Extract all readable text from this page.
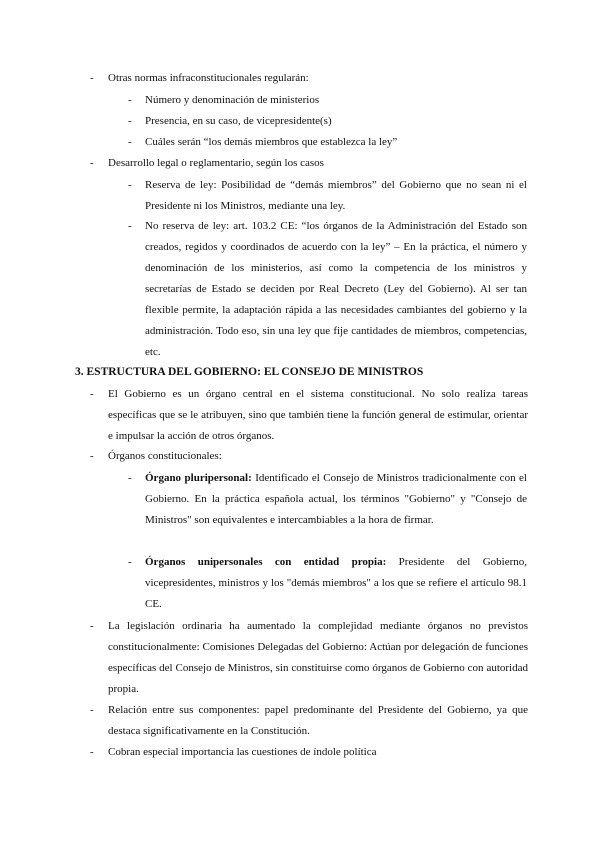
- Otras normas infraconstitucionales regularán:
- Número y denominación de ministerios
- Presencia, en su caso, de vicepresidente(s)
- Cuáles serán “los demás miembros que establezca la ley”
- Desarrollo legal o reglamentario, según los casos
- Reserva de ley: Posibilidad de “demás miembros” del Gobierno que no sean ni el Presidente ni los Ministros, mediante una ley.
- No reserva de ley: art. 103.2 CE: “los órganos de la Administración del Estado son creados, regidos y coordinados de acuerdo con la ley” – En la práctica, el número y denominación de los ministerios, así como la competencia de los ministros y secretarías de Estado se deciden por Real Decreto (Ley del Gobierno). Al ser tan flexible permite, la adaptación rápida a las necesidades cambiantes del gobierno y la administración. Todo eso, sin una ley que fije cantidades de miembros, competencias, etc.
3. ESTRUCTURA DEL GOBIERNO: EL CONSEJO DE MINISTROS
- El Gobierno es un órgano central en el sistema constitucional. No solo realiza tareas específicas que se le atribuyen, sino que también tiene la función general de estimular, orientar e impulsar la acción de otros órganos.
- Órganos constitucionales:
- Órgano pluripersonal: Identificado el Consejo de Ministros tradicionalmente con el Gobierno. En la práctica española actual, los términos "Gobierno" y "Consejo de Ministros" son equivalentes e intercambiables a la hora de firmar.
- Órganos unipersonales con entidad propia: Presidente del Gobierno, vicepresidentes, ministros y los "demás miembros" a los que se refiere el artículo 98.1 CE.
- La legislación ordinaria ha aumentado la complejidad mediante órganos no previstos constitucionalmente: Comisiones Delegadas del Gobierno: Actúan por delegación de funciones específicas del Consejo de Ministros, sin constituirse como órganos de Gobierno con autoridad propia.
- Relación entre sus componentes: papel predominante del Presidente del Gobierno, ya que destaca significativamente en la Constitución.
- Cobran especial importancia las cuestiones de índole política
